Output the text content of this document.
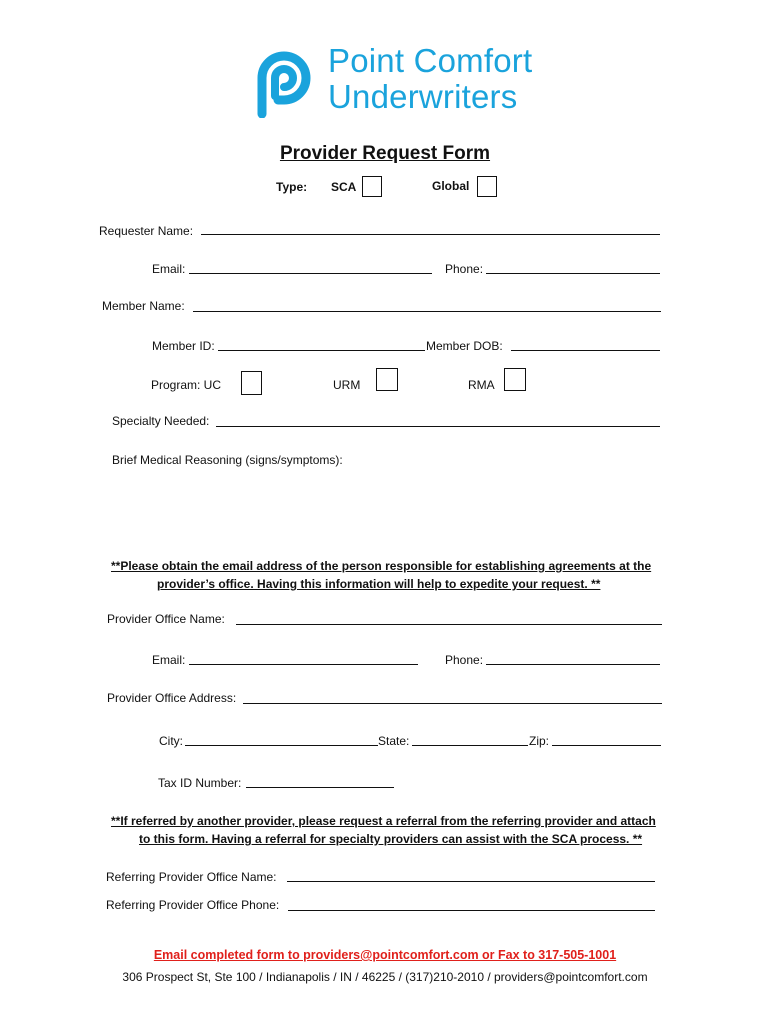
Point Comfort
Underwriters
Provider Request Form
Type: SCA	Global
Requester Name:
Email:	Phone:
Member Name:
Member ID:	Member DOB:
Program: UC	URM	RMA
Specialty Needed:
Brief Medical Reasoning (signs/symptoms):
**Please obtain the email address of the person responsible for establishing agreements at the
provider’s office. Having this information will help to expedite your request. **
Provider Office Name:
Email:	Phone:
Provider Office Address:
City:	State:	Zip:
Tax ID Number:
**If referred by another provider, please request a referral from the referring provider and attach
to this form. Having a referral for specialty providers can assist with the SCA process. **
Referring Provider Office Name:
Referring Provider Office Phone:
Email completed form to providers@pointcomfort.com or Fax to 317-505-1001
306 Prospect St, Ste 100 / Indianapolis / IN / 46225 / (317)210-2010 / providers@pointcomfort.com
